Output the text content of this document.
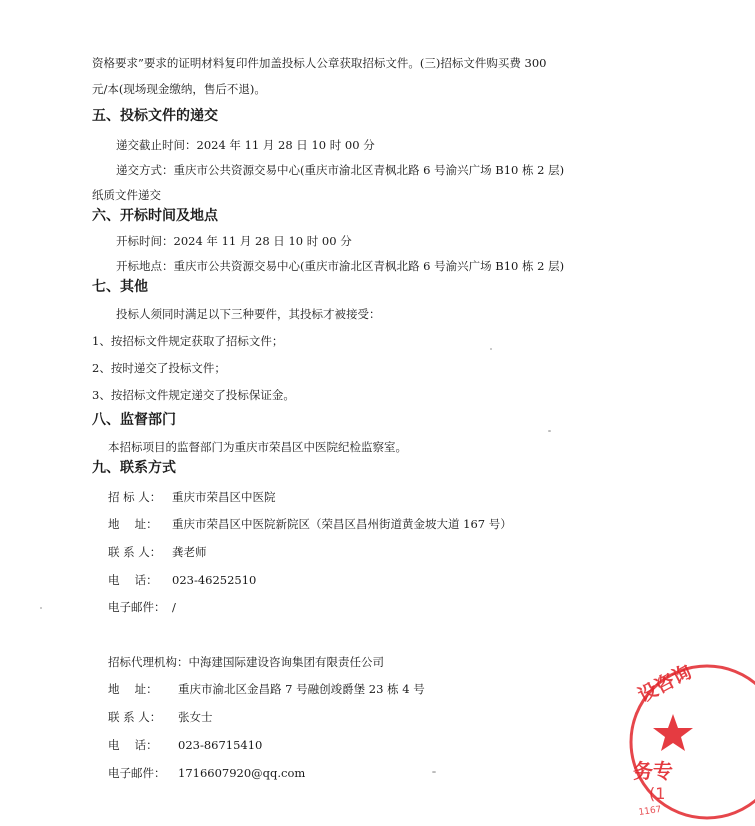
资格要求”要求的证明材料复印件加盖投标人公章获取招标文件。(三)招标文件购买费 300
元/本(现场现金缴纳，售后不退)。
五、投标文件的递交
递交截止时间：2024 年 11 月 28 日 10 时 00 分
递交方式：重庆市公共资源交易中心(重庆市渝北区青枫北路 6 号渝兴广场 B10 栋 2 层)
纸质文件递交
六、开标时间及地点
开标时间：2024 年 11 月 28 日 10 时 00 分
开标地点：重庆市公共资源交易中心(重庆市渝北区青枫北路 6 号渝兴广场 B10 栋 2 层)
七、其他
投标人须同时满足以下三种要件，其投标才被接受：
1、按招标文件规定获取了招标文件；
2、按时递交了投标文件；
3、按招标文件规定递交了投标保证金。
八、监督部门
本招标项目的监督部门为重庆市荣昌区中医院纪检监察室。
九、联系方式
招 标 人： 重庆市荣昌区中医院
地　 址： 重庆市荣昌区中医院新院区（荣昌区昌州街道黄金坡大道 167 号）
联 系 人： 龚老师
电　 话： 023-46252510
电子邮件： /
招标代理机构：中海建国际建设咨询集团有限责任公司
地　 址： 重庆市渝北区金昌路 7 号融创竣爵堡 23 栋 4 号
联 系 人： 张女士
电　 话： 023-86715410
电子邮件： 1716607920@qq.com
设咨询
务专
(1
1167
